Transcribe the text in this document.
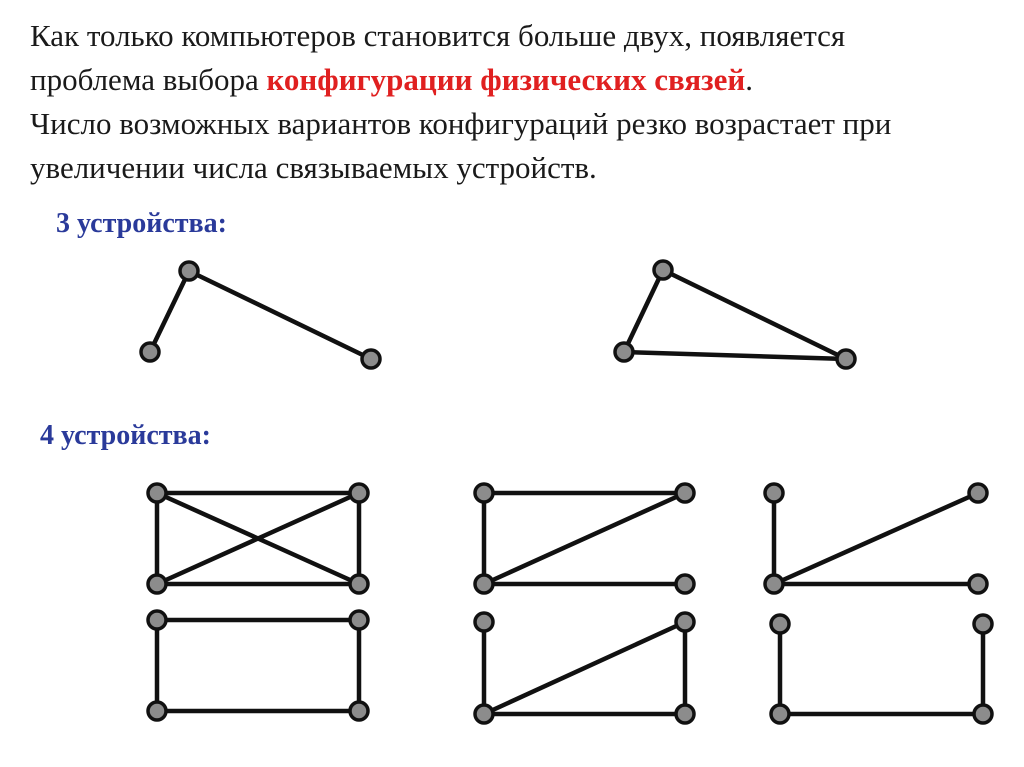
Как только компьютеров становится больше двух, появляется
проблема выбора конфигурации физических связей.
Число возможных вариантов конфигураций резко возрастает при
увеличении числа связываемых устройств.

3 устройства:

4 устройства:
